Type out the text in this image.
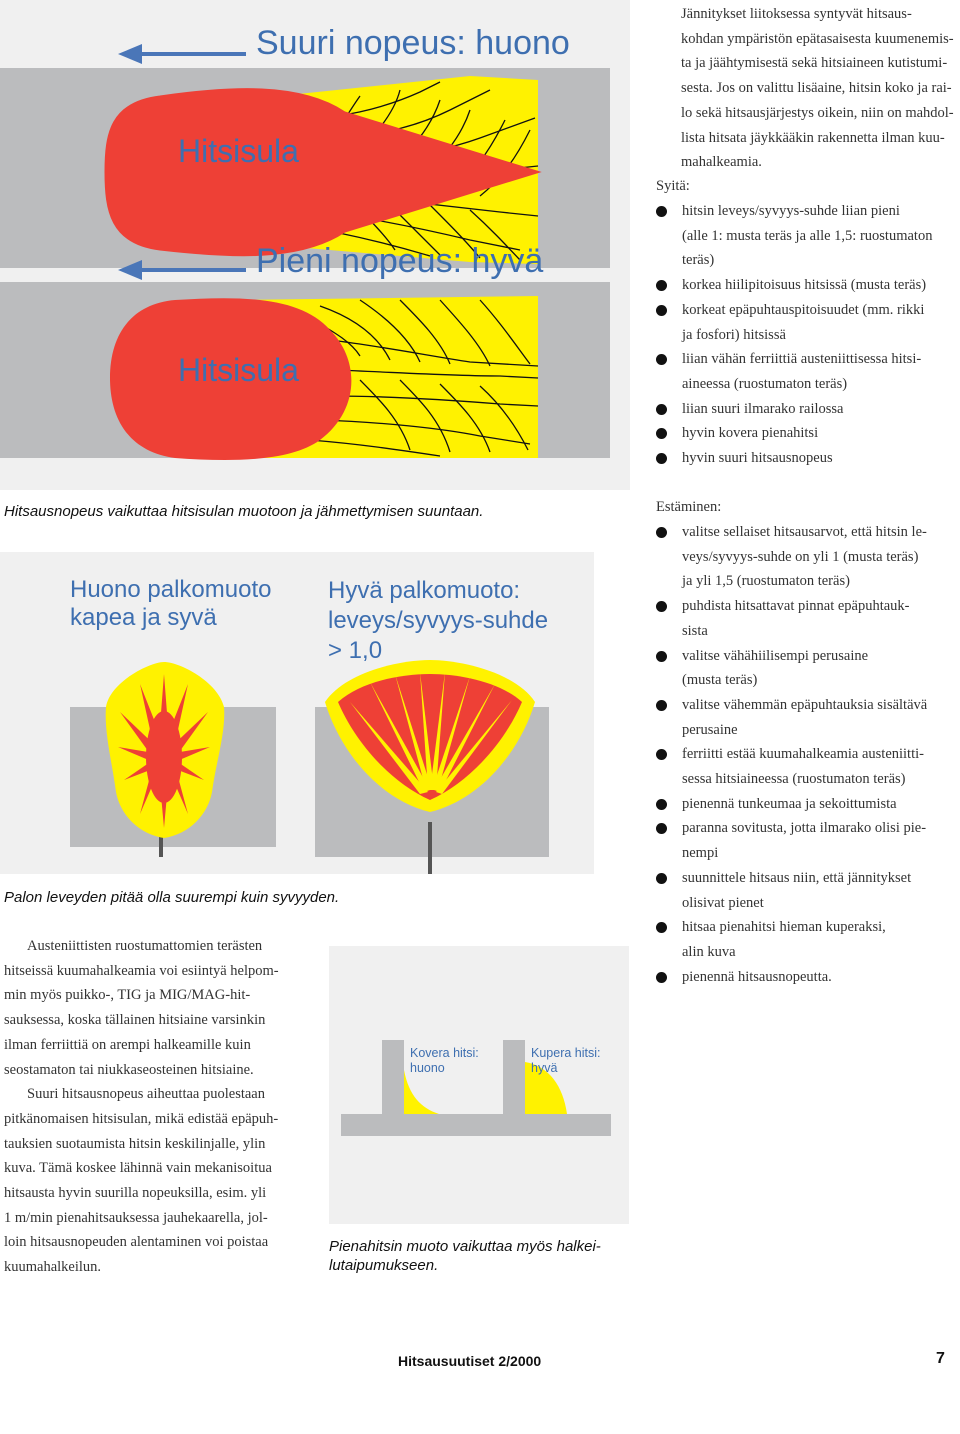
Suuri nopeus: huono
Pieni nopeus: hyvä
Hitsisula
Hitsisula
Hitsausnopeus vaikuttaa hitsisulan muotoon ja jähmettymisen suuntaan.
Jännitykset liitoksessa syntyvät hitsaus-
kohdan ympäristön epätasaisesta kuumenemis-
ta ja jäähtymisestä sekä hitsiaineen kutistumi-
sesta. Jos on valittu lisäaine, hitsin koko ja rai-
lo sekä hitsausjärjestys oikein, niin on mahdol-
lista hitsata jäykkääkin rakennetta ilman kuu-
mahalkeamia.
Syitä:
hitsin leveys/syvyys-suhde liian pieni
(alle 1: musta teräs ja alle 1,5: ruostumaton
teräs)
korkea hiilipitoisuus hitsissä (musta teräs)
korkeat epäpuhtauspitoisuudet (mm. rikki
ja fosfori) hitsissä
liian vähän ferriittiä austeniittisessa hitsi-
aineessa (ruostumaton teräs)
liian suuri ilmarako railossa
hyvin kovera pienahitsi
hyvin suuri hitsausnopeus
Huono palkomuoto
kapea ja syvä
Hyvä palkomuoto:
leveys/syvyys-suhde
> 1,0
Palon leveyden pitää olla suurempi kuin syvyyden.
Austeniittisten ruostumattomien terästen
hitseissä kuumahalkeamia voi esiintyä helpom-
min myös puikko-, TIG ja MIG/MAG-hit-
sauksessa, koska tällainen hitsiaine varsinkin
ilman ferriittiä on arempi halkeamille kuin
seostamaton tai niukkaseosteinen hitsiaine.
Suuri hitsausnopeus aiheuttaa puolestaan
pitkänomaisen hitsisulan, mikä edistää epäpuh-
tauksien suotaumista hitsin keskilinjalle, ylin
kuva. Tämä koskee lähinnä vain mekanisoitua
hitsausta hyvin suurilla nopeuksilla, esim. yli
1 m/min pienahitsauksessa jauhekaarella, jol-
loin hitsausnopeuden alentaminen voi poistaa
kuumahalkeilun.
Kovera hitsi:
huono
Kupera hitsi:
hyvä
Pienahitsin muoto vaikuttaa myös halkei-
lutaipumukseen.
Estäminen:
valitse sellaiset hitsausarvot, että hitsin le-
veys/syvyys-suhde on yli 1 (musta teräs)
ja yli 1,5 (ruostumaton teräs)
puhdista hitsattavat pinnat epäpuhtauk-
sista
valitse vähähiilisempi perusaine
(musta teräs)
valitse vähemmän epäpuhtauksia sisältävä
perusaine
ferriitti estää kuumahalkeamia austeniitti-
sessa hitsiaineessa (ruostumaton teräs)
pienennä tunkeumaa ja sekoittumista
paranna sovitusta, jotta ilmarako olisi pie-
nempi
suunnittele hitsaus niin, että jännitykset
olisivat pienet
hitsaa pienahitsi hieman kuperaksi,
alin kuva
pienennä hitsausnopeutta.
Hitsausuutiset 2/2000	7
